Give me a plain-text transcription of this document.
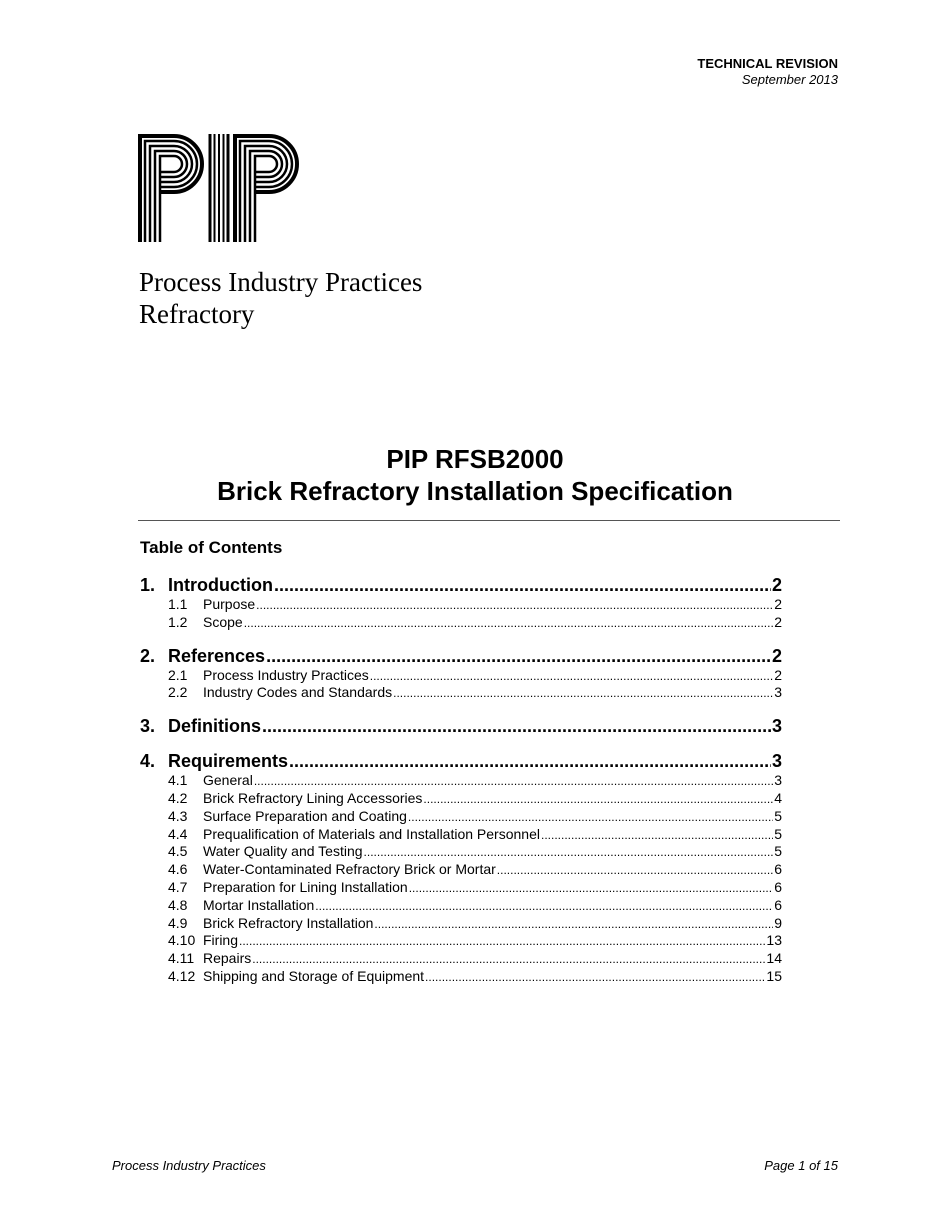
TECHNICAL REVISION
September 2013
Process Industry Practices
Refractory
PIP RFSB2000
Brick Refractory Installation Specification
Table of Contents
1. Introduction .....	2
1.1	Purpose .....	2
1.2	Scope .....	2
2. References .....	2
2.1	Process Industry Practices .....	2
2.2	Industry Codes and Standards .....	3
3. Definitions .....	3
4. Requirements .....	3
4.1	General .....	3
4.2	Brick Refractory Lining Accessories .....	4
4.3	Surface Preparation and Coating .....	5
4.4	Prequalification of Materials and Installation Personnel .....	5
4.5	Water Quality and Testing .....	5
4.6	Water-Contaminated Refractory Brick or Mortar .....	6
4.7	Preparation for Lining Installation .....	6
4.8	Mortar Installation .....	6
4.9	Brick Refractory Installation .....	9
4.10 Firing .....	13
4.11 Repairs .....	14
4.12 Shipping and Storage of Equipment .....	15
Process Industry Practices	Page 1 of 15
